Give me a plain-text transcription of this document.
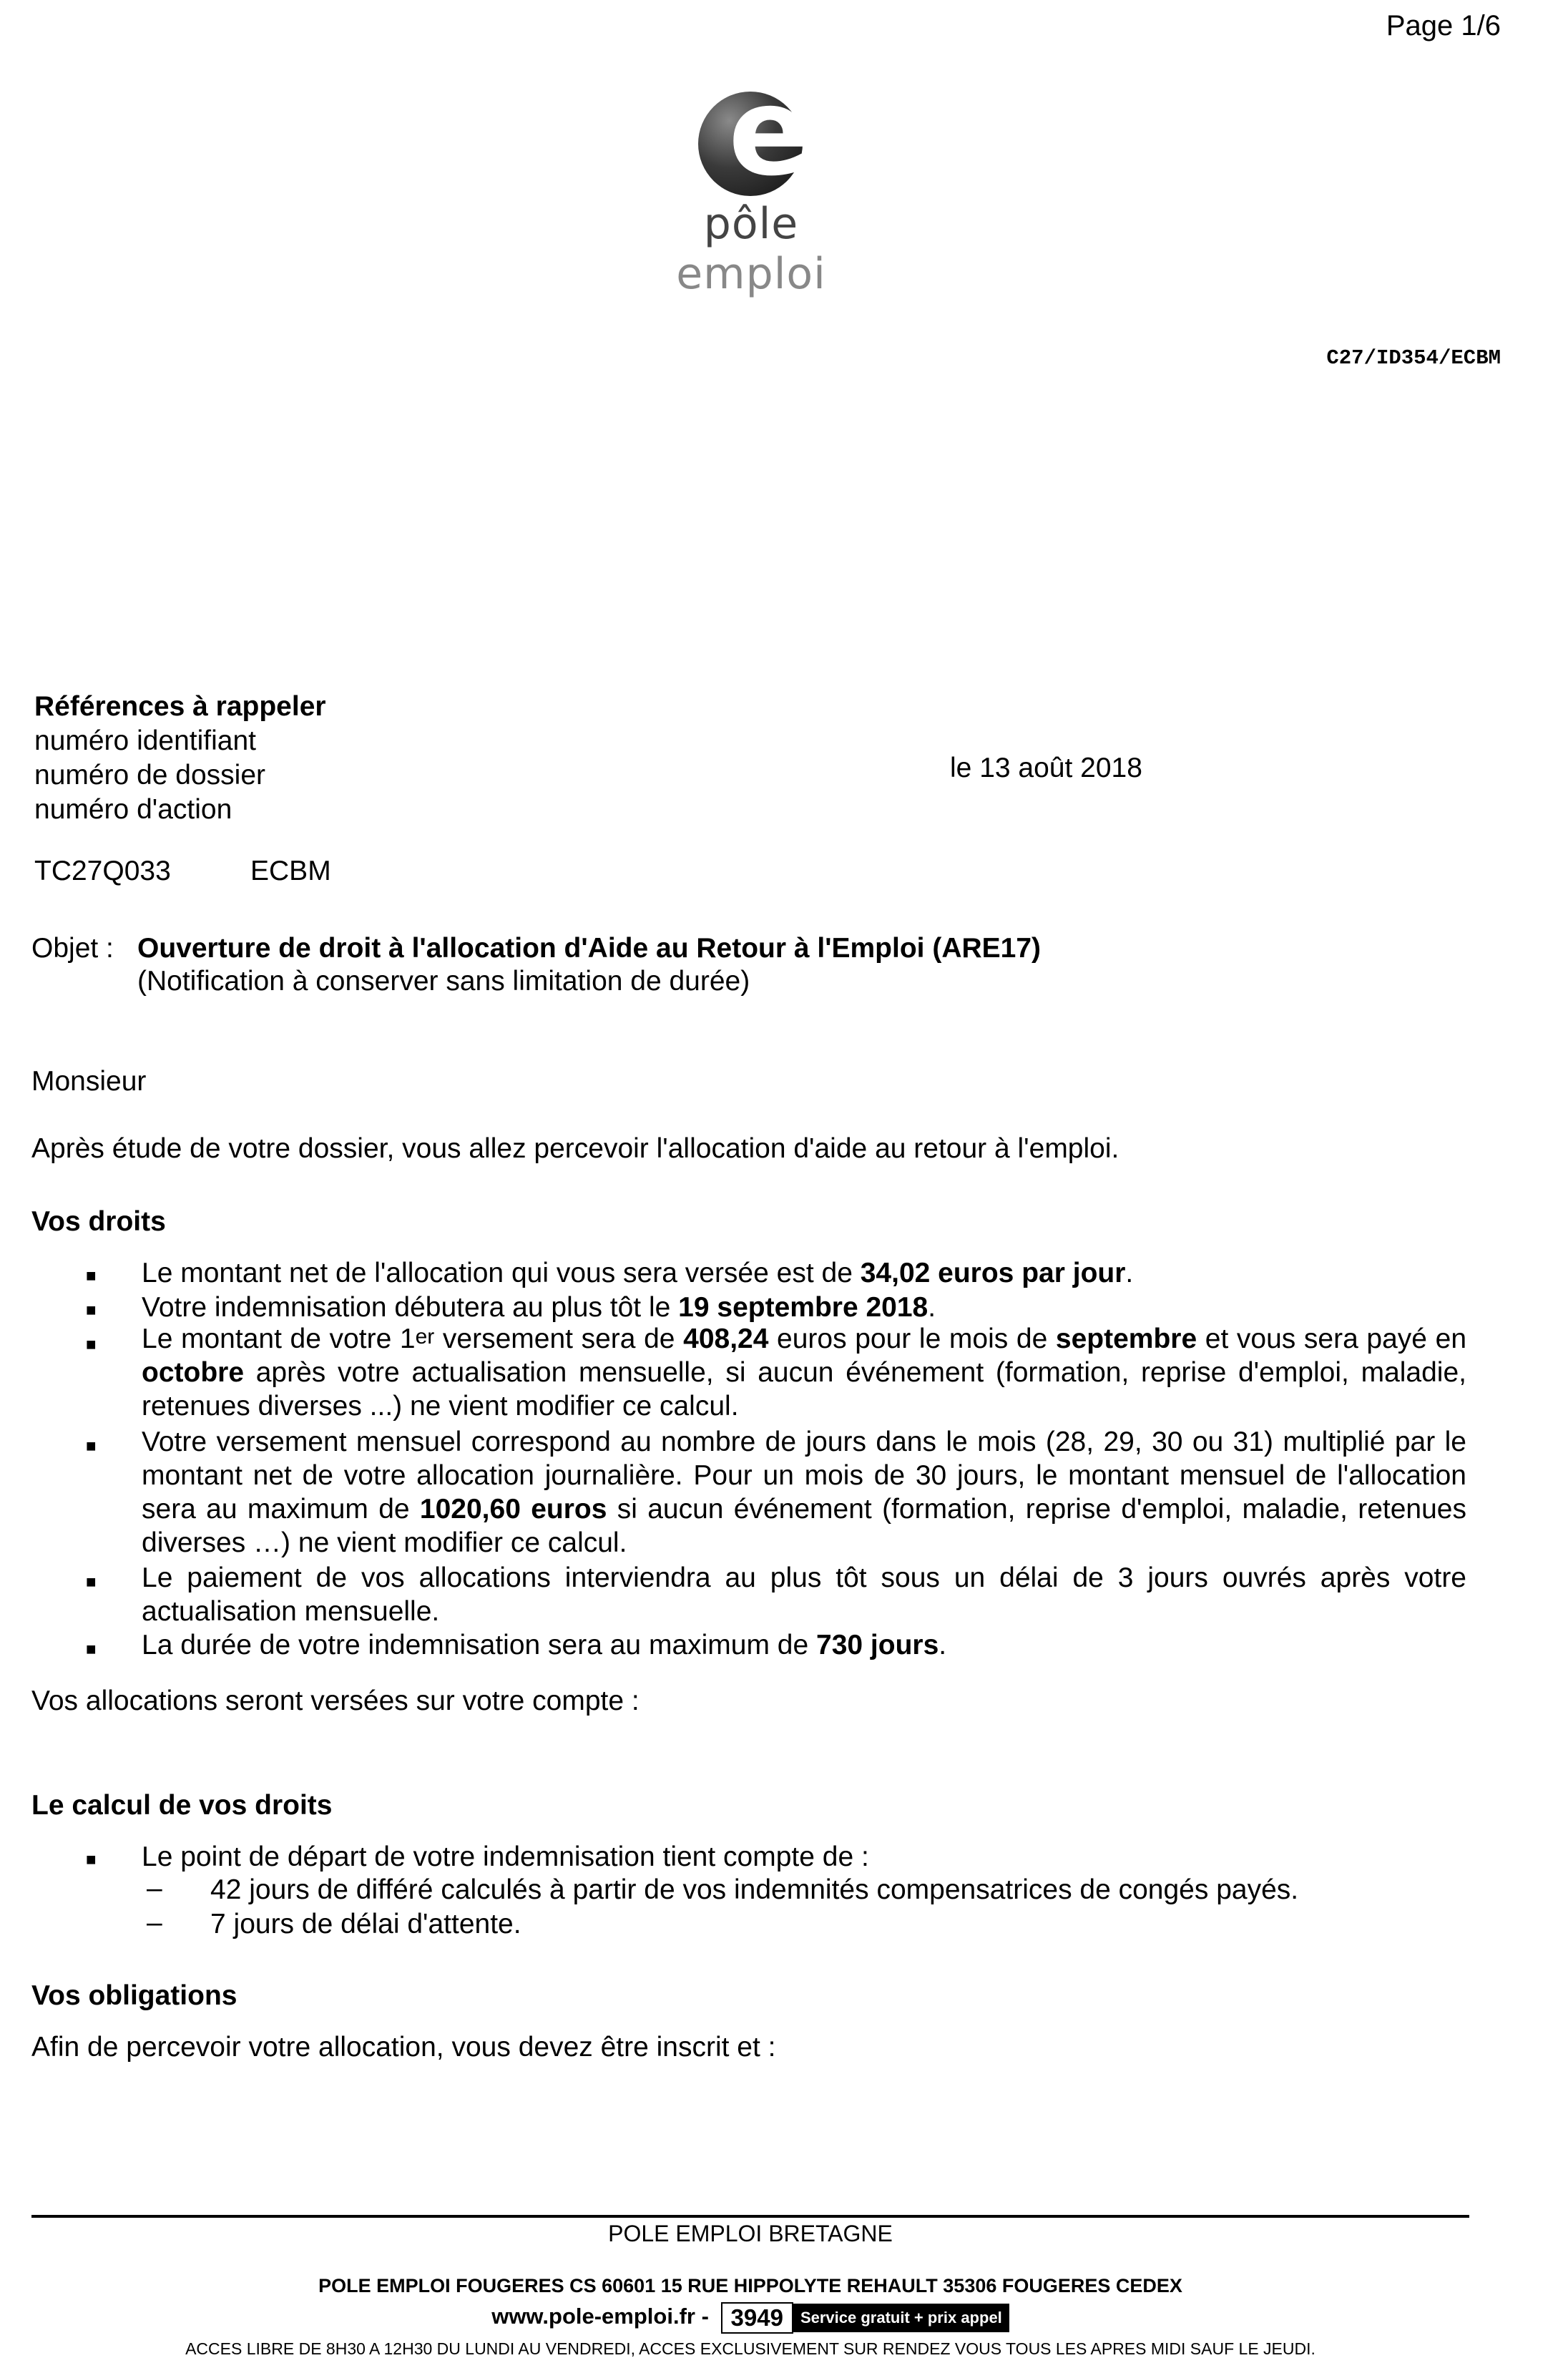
Page 1/6
e
pôle emploi
C27/ID354/ECBM
Références à rappeler
numéro identifiant
numéro de dossier
numéro d'action
le 13 août 2018
TC27Q033	ECBM
Objet : Ouverture de droit à l'allocation d'Aide au Retour à l'Emploi (ARE17)
(Notification à conserver sans limitation de durée)
Monsieur
Après étude de votre dossier, vous allez percevoir l'allocation d'aide au retour à l'emploi.
Vos droits
■ Le montant net de l'allocation qui vous sera versée est de 34,02 euros par jour.
■ Votre indemnisation débutera au plus tôt le 19 septembre 2018.
■ Le montant de votre 1er versement sera de 408,24 euros pour le mois de septembre et vous sera payé en octobre après votre actualisation mensuelle, si aucun événement (formation, reprise d'emploi, maladie, retenues diverses ...) ne vient modifier ce calcul.
■ Votre versement mensuel correspond au nombre de jours dans le mois (28, 29, 30 ou 31) multiplié par le montant net de votre allocation journalière. Pour un mois de 30 jours, le montant mensuel de l'allocation sera au maximum de 1020,60 euros si aucun événement (formation, reprise d'emploi, maladie, retenues diverses …) ne vient modifier ce calcul.
■ Le paiement de vos allocations interviendra au plus tôt sous un délai de 3 jours ouvrés après votre actualisation mensuelle.
■ La durée de votre indemnisation sera au maximum de 730 jours.
Vos allocations seront versées sur votre compte :
Le calcul de vos droits
■ Le point de départ de votre indemnisation tient compte de :
– 42 jours de différé calculés à partir de vos indemnités compensatrices de congés payés.
– 7 jours de délai d'attente.
Vos obligations
Afin de percevoir votre allocation, vous devez être inscrit et :
POLE EMPLOI BRETAGNE
POLE EMPLOI FOUGERES CS 60601 15 RUE HIPPOLYTE REHAULT 35306 FOUGERES CEDEX
www.pole-emploi.fr - 3949 Service gratuit + prix appel
ACCES LIBRE DE 8H30 A 12H30 DU LUNDI AU VENDREDI, ACCES EXCLUSIVEMENT SUR RENDEZ VOUS TOUS LES APRES MIDI SAUF LE JEUDI.
